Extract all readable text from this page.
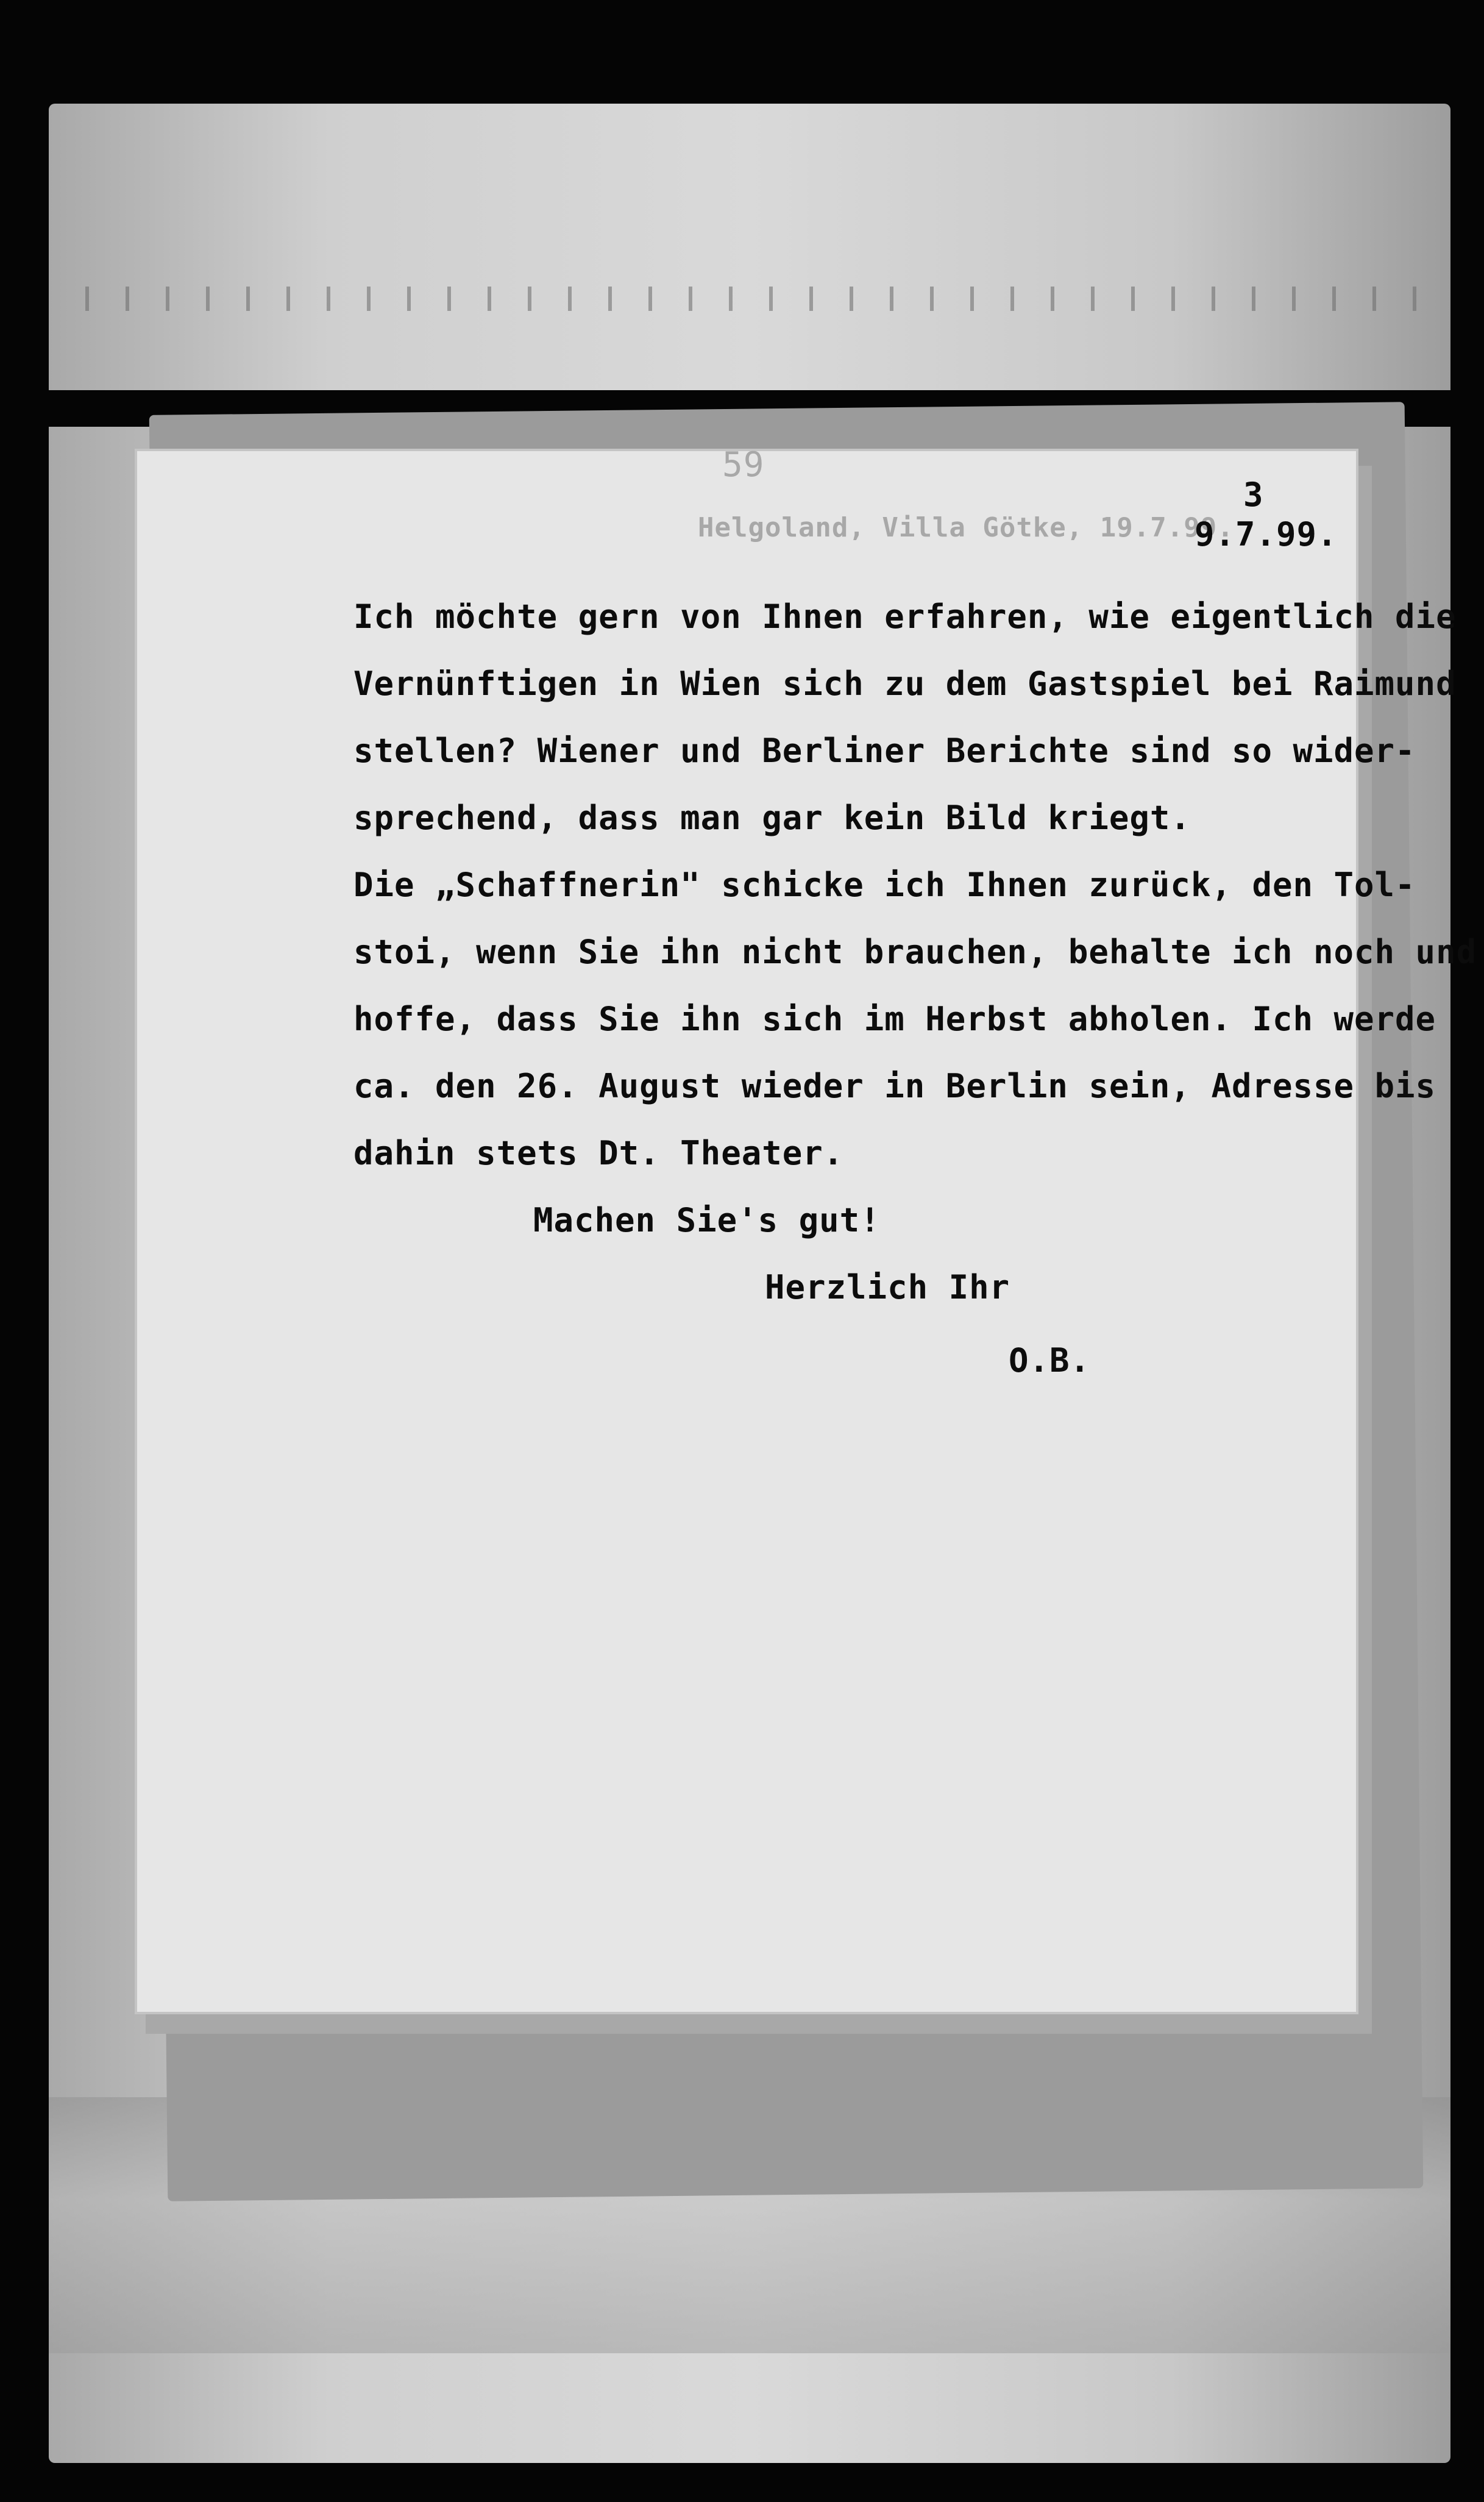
59
Helgoland, Villa Götke, 19.7.99.
3
9.7.99.
Ich möchte gern von Ihnen erfahren, wie eigentlich die
Vernünftigen in Wien sich zu dem Gastspiel bei Raimund
stellen? Wiener und Berliner Berichte sind so wider-
sprechend, dass man gar kein Bild kriegt.
Die „Schaffnerin" schicke ich Ihnen zurück, den Tol-
stoi, wenn Sie ihn nicht brauchen, behalte ich noch und
hoffe, dass Sie ihn sich im Herbst abholen. Ich werde
ca. den 26. August wieder in Berlin sein, Adresse bis
dahin stets Dt. Theater.
Machen Sie's gut!
Herzlich Ihr
O.B.
